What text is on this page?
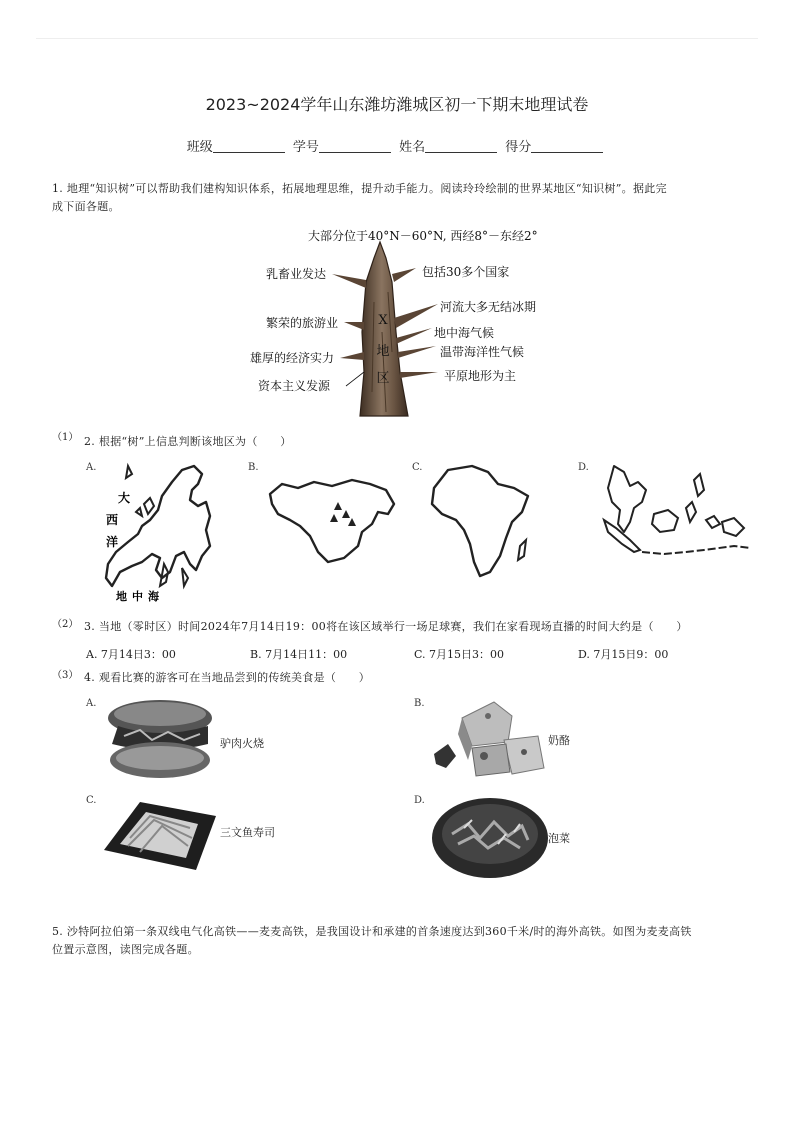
2023~2024学年山东潍坊潍城区初一下期末地理试卷
班级	学号	姓名	得分
1. 地理“知识树”可以帮助我们建构知识体系，拓展地理思维，提升动手能力。阅读玲玲绘制的世界某地区“知识树”。据此完
成下面各题。
X
地
区
大部分位于40°N－60°N, 西经8°－东经2°
乳畜业发达
繁荣的旅游业
雄厚的经济实力
资本主义发源
包括30多个国家
河流大多无结冰期
地中海气候
温带海洋性气候
平原地形为主
（1） 2. 根据“树”上信息判断该地区为（　　）
A.
大
西
洋
地 中 海
B.	C.	D.
（2） 3. 当地（零时区）时间2024年7月14日19：00将在该区域举行一场足球赛，我们在家看现场直播的时间大约是（　　）
A. 7月14日3：00	B. 7月14日11：00	C. 7月15日3：00	D. 7月15日9：00
（3） 4. 观看比赛的游客可在当地品尝到的传统美食是（　　）
A.
驴肉火烧
B.
奶酪
C.
三文鱼寿司
D.
泡菜
5. 沙特阿拉伯第一条双线电气化高铁——麦麦高铁，是我国设计和承建的首条速度达到360千米/时的海外高铁。如图为麦麦高铁
位置示意图，读图完成各题。
